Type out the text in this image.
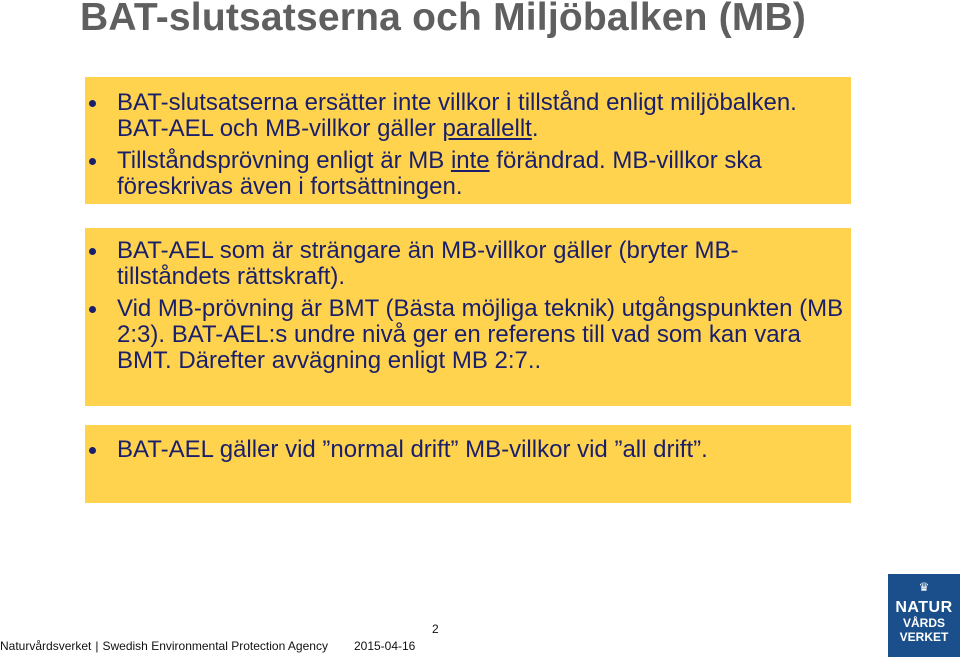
BAT-slutsatserna och Miljöbalken (MB)
BAT-slutsatserna ersätter inte villkor i tillstånd enligt miljöbalken. BAT-AEL och MB-villkor gäller parallellt.
Tillståndsprövning enligt är MB inte förändrad. MB-villkor ska föreskrivas även i fortsättningen.
BAT-AEL som är strängare än MB-villkor gäller (bryter MB-tillståndets rättskraft).
Vid MB-prövning är BMT (Bästa möjliga teknik) utgångspunkten (MB 2:3). BAT-AEL:s undre nivå ger en referens till vad som kan vara BMT. Därefter avvägning enligt MB 2:7..
BAT-AEL gäller vid ”normal drift” MB-villkor vid ”all drift”.
2
Naturvårdsverket | Swedish Environmental Protection Agency 2015-04-16
♛
NATUR
VÅRDS
VERKET
